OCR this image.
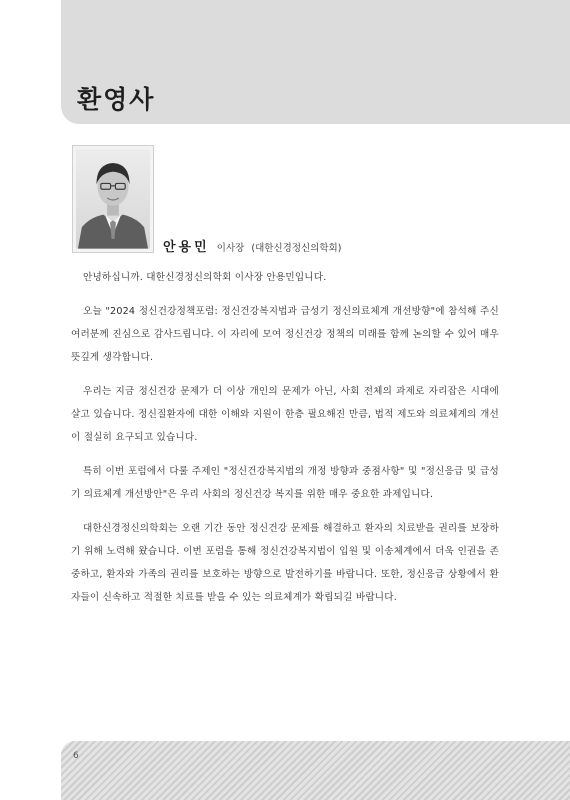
환영사
안용민 이사장 (대한신경정신의학회)

안녕하십니까. 대한신경정신의학회 이사장 안용민입니다.

오늘 "2024 정신건강정책포럼: 정신건강복지법과 급성기 정신의료체계 개선방향"에 참석해 주신 여러분께 진심으로 감사드립니다. 이 자리에 모여 정신건강 정책의 미래를 함께 논의할 수 있어 매우 뜻깊게 생각합니다.

우리는 지금 정신건강 문제가 더 이상 개인의 문제가 아닌, 사회 전체의 과제로 자리잡은 시대에 살고 있습니다. 정신질환자에 대한 이해와 지원이 한층 필요해진 만큼, 법적 제도와 의료체계의 개선이 절실히 요구되고 있습니다.

특히 이번 포럼에서 다룰 주제인 "정신건강복지법의 개정 방향과 중점사항" 및 "정신응급 및 급성기 의료체계 개선방안"은 우리 사회의 정신건강 복지를 위한 매우 중요한 과제입니다.

대한신경정신의학회는 오랜 기간 동안 정신건강 문제를 해결하고 환자의 치료받을 권리를 보장하기 위해 노력해 왔습니다. 이번 포럼을 통해 정신건강복지법이 입원 및 이송체계에서 더욱 인권을 존중하고, 환자와 가족의 권리를 보호하는 방향으로 발전하기를 바랍니다. 또한, 정신응급 상황에서 환자들이 신속하고 적절한 치료를 받을 수 있는 의료체계가 확립되길 바랍니다.

6
